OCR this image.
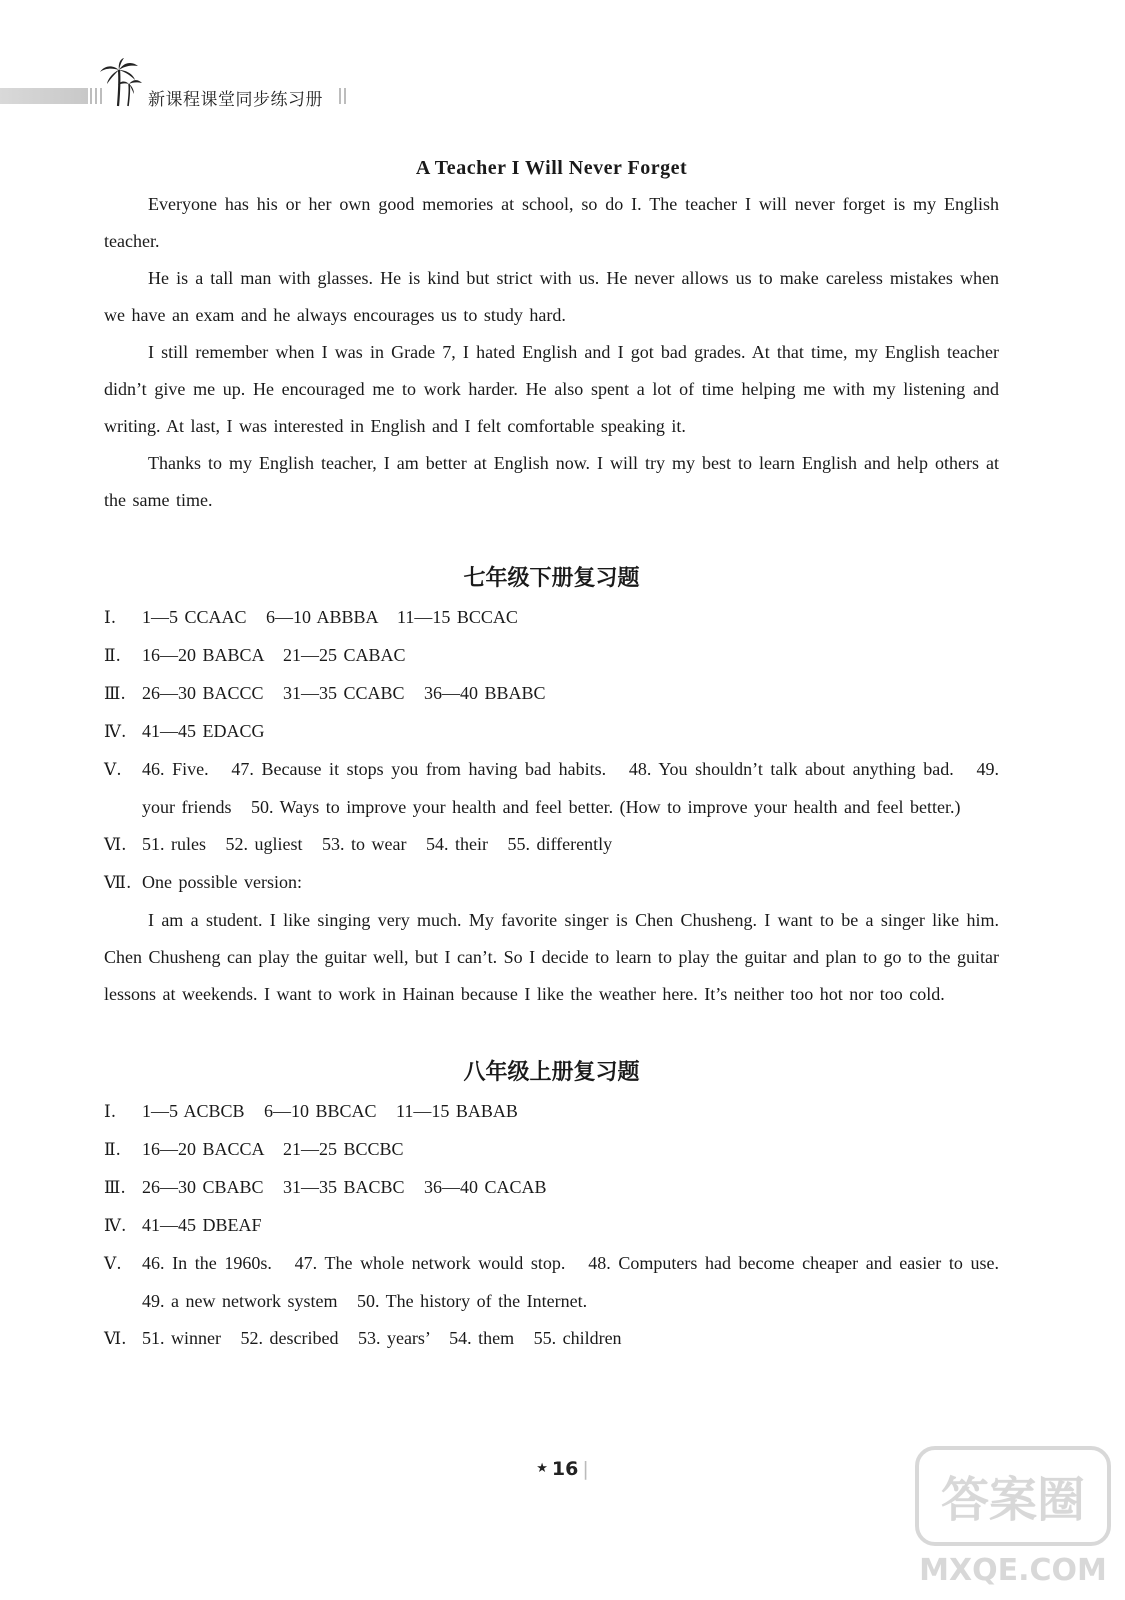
新课程课堂同步练习册
A Teacher I Will Never Forget

Everyone has his or her own good memories at school, so do I. The teacher I will never forget is my English teacher.

He is a tall man with glasses. He is kind but strict with us. He never allows us to make careless mistakes when we have an exam and he always encourages us to study hard.

I still remember when I was in Grade 7, I hated English and I got bad grades. At that time, my English teacher didn’t give me up. He encouraged me to work harder. He also spent a lot of time helping me with my listening and writing. At last, I was interested in English and I felt comfortable speaking it.

Thanks to my English teacher, I am better at English now. I will try my best to learn English and help others at the same time.

七年级下册复习题

Ⅰ. 1—5 CCAAC   6—10 ABBBA   11—15 BCCAC

Ⅱ. 16—20 BABCA   21—25 CABAC

Ⅲ. 26—30 BACCC   31—35 CCABC   36—40 BBABC

Ⅳ. 41—45 EDACG

Ⅴ. 46. Five.   47. Because it stops you from having bad habits.   48. You shouldn’t talk about anything bad.   49. your friends   50. Ways to improve your health and feel better. (How to improve your health and feel better.)

Ⅵ. 51. rules   52. ugliest   53. to wear   54. their   55. differently

Ⅶ. One possible version:

I am a student. I like singing very much. My favorite singer is Chen Chusheng. I want to be a singer like him. Chen Chusheng can play the guitar well, but I can’t. So I decide to learn to play the guitar and plan to go to the guitar lessons at weekends. I want to work in Hainan because I like the weather here. It’s neither too hot nor too cold.

八年级上册复习题

Ⅰ. 1—5 ACBCB   6—10 BBCAC   11—15 BABAB

Ⅱ. 16—20 BACCA   21—25 BCCBC

Ⅲ. 26—30 CBABC   31—35 BACBC   36—40 CACAB

Ⅳ. 41—45 DBEAF

Ⅴ. 46. In the 1960s.   47. The whole network would stop.   48. Computers had become cheaper and easier to use.   49. a new network system   50. The history of the Internet.

Ⅵ. 51. winner   52. described   53. years’   54. them   55. children

★ 16 |
答案圈
MXQE.COM
